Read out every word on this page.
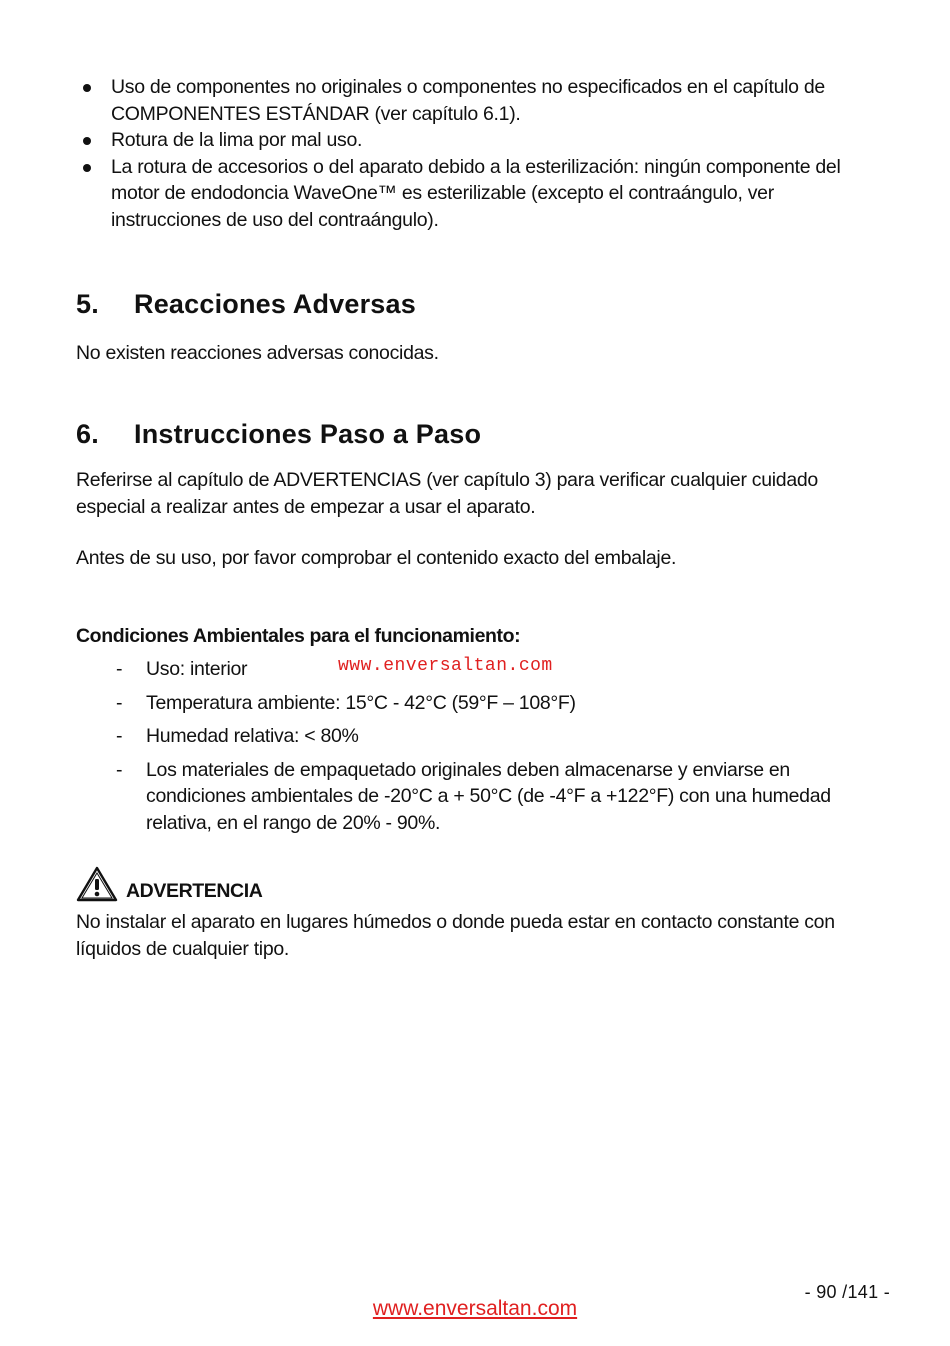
Uso de componentes no originales o componentes no especificados en el capítulo de COMPONENTES ESTÁNDAR (ver capítulo 6.1).
Rotura de la lima por mal uso.
La rotura de accesorios o del aparato debido a la esterilización: ningún componente del motor de endodoncia WaveOne™ es esterilizable (excepto el contraángulo, ver instrucciones de uso del contraángulo).
5. Reacciones Adversas

No existen reacciones adversas conocidas.

6. Instrucciones Paso a Paso

Referirse al capítulo de ADVERTENCIAS (ver capítulo 3) para verificar cualquier cuidado especial a realizar antes de empezar a usar el aparato.

Antes de su uso, por favor comprobar el contenido exacto del embalaje.

Condiciones Ambientales para el funcionamiento:

- Uso: interior
- Temperatura ambiente: 15°C - 42°C (59°F – 108°F)
- Humedad relativa: < 80%
- Los materiales de empaquetado originales deben almacenarse y enviarse en condiciones ambientales de -20°C a + 50°C (de -4°F a +122°F) con una humedad relativa, en el rango de 20% - 90%.
www.enversaltan.com
ADVERTENCIA

No instalar el aparato en lugares húmedos o donde pueda estar en contacto constante con líquidos de cualquier tipo.

- 90 /141 -
www.enversaltan.com
